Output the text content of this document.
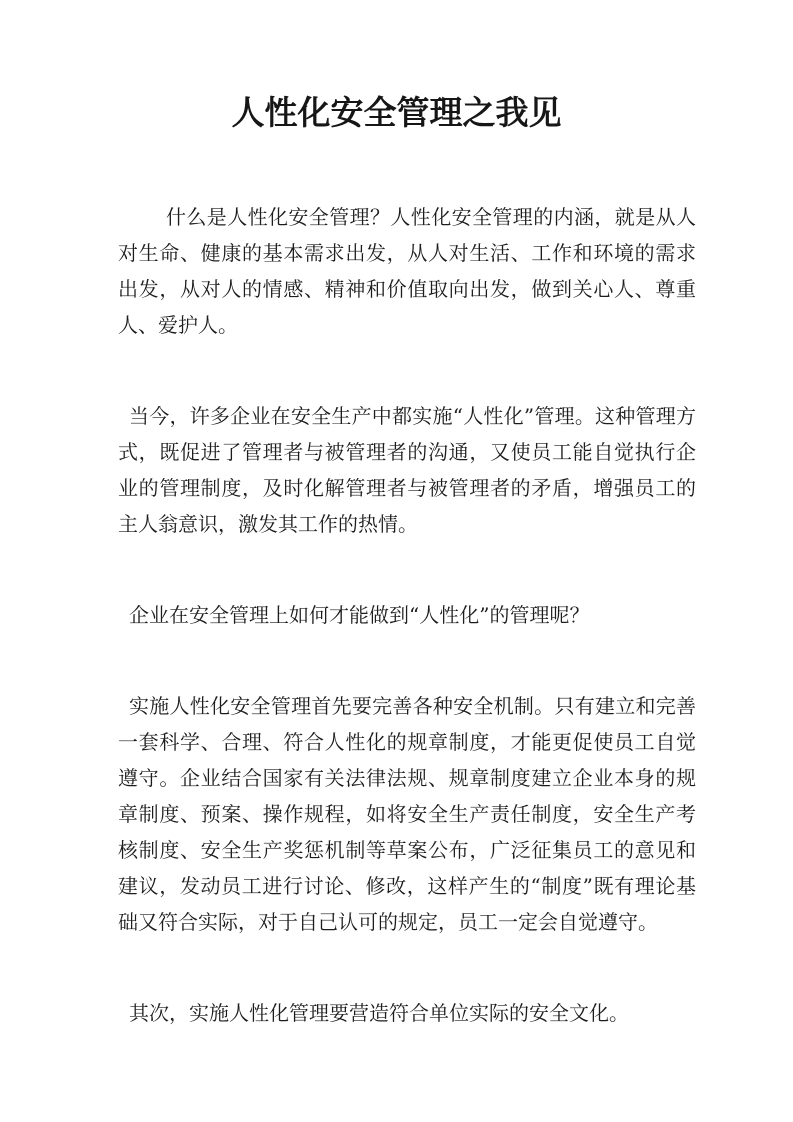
人性化安全管理之我见

什么是人性化安全管理？人性化安全管理的内涵，就是从人对生命、健康的基本需求出发，从人对生活、工作和环境的需求出发，从对人的情感、精神和价值取向出发，做到关心人、尊重人、爱护人。

当今，许多企业在安全生产中都实施“人性化”管理。这种管理方式，既促进了管理者与被管理者的沟通，又使员工能自觉执行企业的管理制度，及时化解管理者与被管理者的矛盾，增强员工的主人翁意识，激发其工作的热情。

企业在安全管理上如何才能做到“人性化”的管理呢？

实施人性化安全管理首先要完善各种安全机制。只有建立和完善一套科学、合理、符合人性化的规章制度，才能更促使员工自觉遵守。企业结合国家有关法律法规、规章制度建立企业本身的规章制度、预案、操作规程，如将安全生产责任制度，安全生产考核制度、安全生产奖惩机制等草案公布，广泛征集员工的意见和建议，发动员工进行讨论、修改，这样产生的“制度”既有理论基础又符合实际，对于自己认可的规定，员工一定会自觉遵守。

其次，实施人性化管理要营造符合单位实际的安全文化。
